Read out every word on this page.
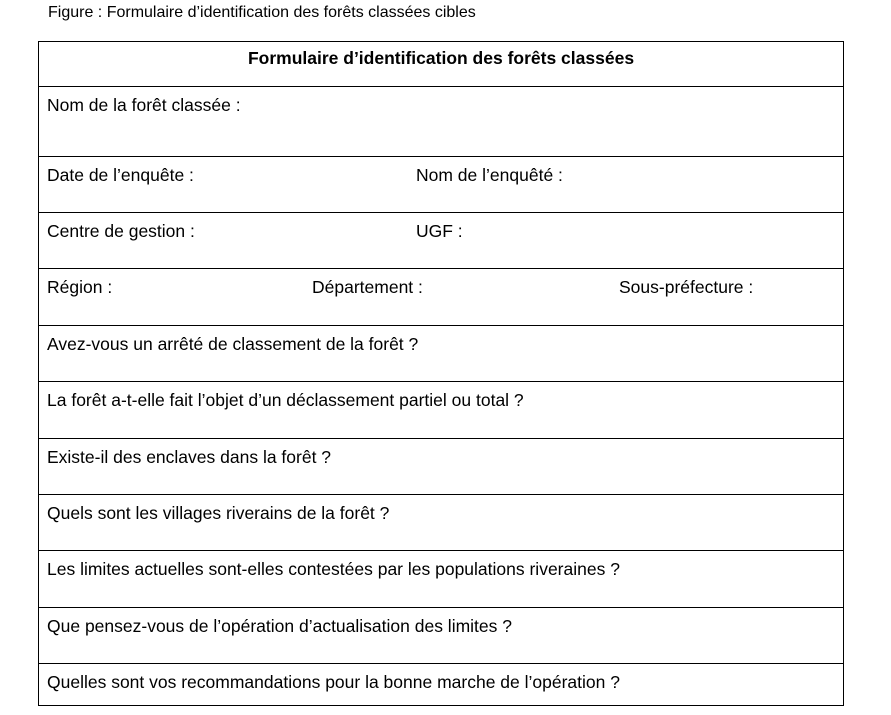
Figure : Formulaire d’identification des forêts classées cibles
Formulaire d’identification des forêts classées
Nom de la forêt classée :
Date de l’enquête :	Nom de l’enquêté :
Centre de gestion :	UGF :
Région :	Département :	Sous-préfecture :
Avez-vous un arrêté de classement de la forêt ?
La forêt a-t-elle fait l’objet d’un déclassement partiel ou total ?
Existe-il des enclaves dans la forêt ?
Quels sont les villages riverains de la forêt ?
Les limites actuelles sont-elles contestées par les populations riveraines ?
Que pensez-vous de l’opération d’actualisation des limites ?
Quelles sont vos recommandations pour la bonne marche de l’opération ?
